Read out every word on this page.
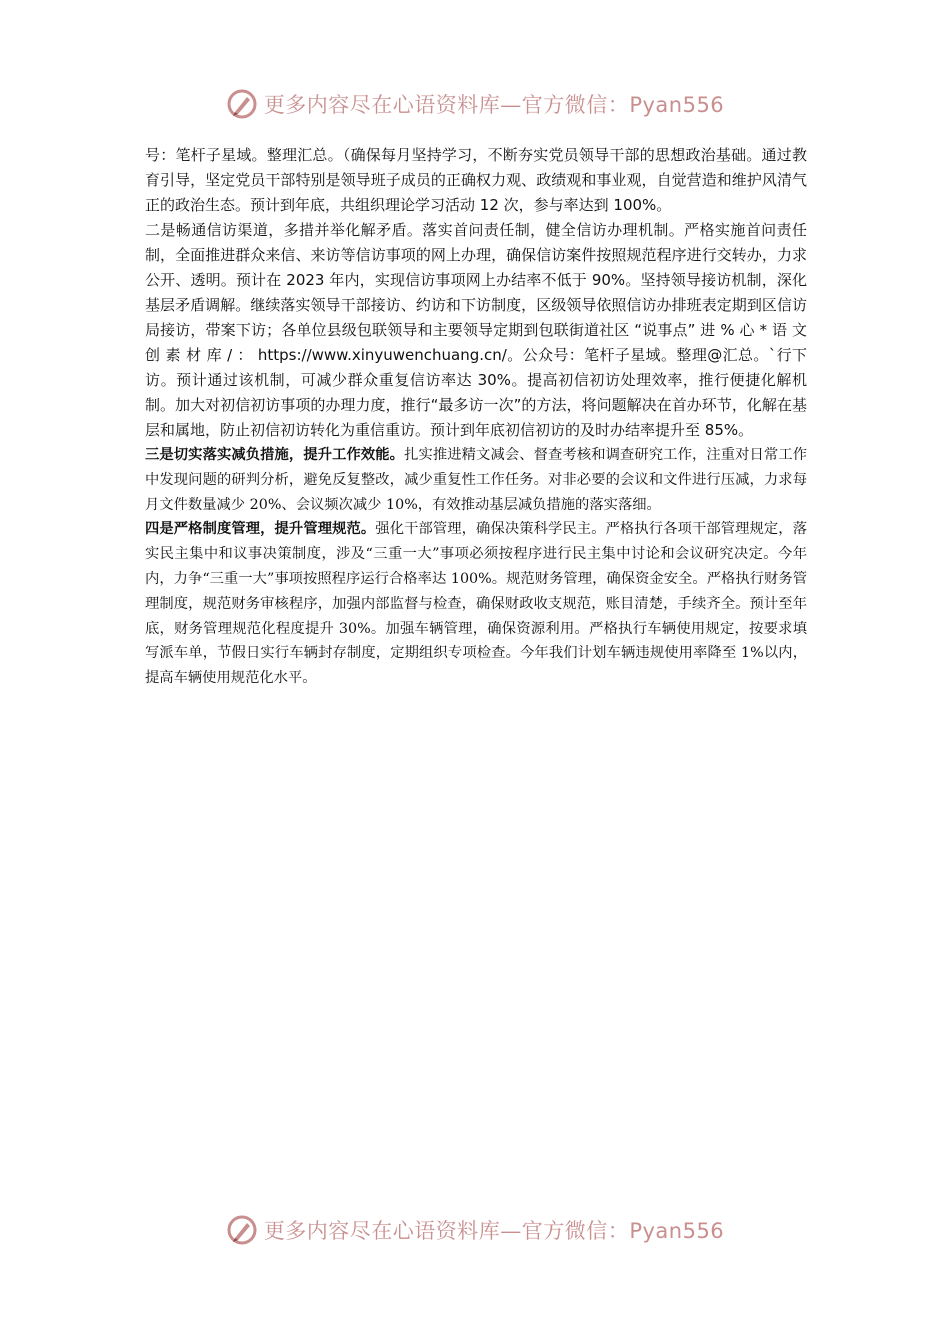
更多内容尽在心语资料库—官方微信：Pyan556

号：笔杆子星域。整理汇总。（确保每月坚持学习，不断夯实党员领导干部的思想政治基础。通过教育引导，坚定党员干部特别是领导班子成员的正确权力观、政绩观和事业观，自觉营造和维护风清气正的政治生态。预计到年底，共组织理论学习活动 12 次，参与率达到 100%。

二是畅通信访渠道，多措并举化解矛盾。落实首问责任制，健全信访办理机制。严格实施首问责任制，全面推进群众来信、来访等信访事项的网上办理，确保信访案件按照规范程序进行交转办，力求公开、透明。预计在 2023 年内，实现信访事项网上办结率不低于 90%。坚持领导接访机制，深化基层矛盾调解。继续落实领导干部接访、约访和下访制度，区级领导依照信访办排班表定期到区信访局接访，带案下访；各单位县级包联领导和主要领导定期到包联街道社区 “说事点” 进 % 心 * 语 文 创 素 材 库 / ： https://www.xinyuwenchuang.cn/。公众号：笔杆子星域。整理@汇总。`行下访。预计通过该机制，可减少群众重复信访率达 30%。提高初信初访处理效率，推行便捷化解机制。加大对初信初访事项的办理力度，推行“最多访一次”的方法，将问题解决在首办环节，化解在基层和属地，防止初信初访转化为重信重访。预计到年底初信初访的及时办结率提升至 85%。

三是切实落实减负措施，提升工作效能。扎实推进精文减会、督查考核和调查研究工作，注重对日常工作中发现问题的研判分析，避免反复整改，减少重复性工作任务。对非必要的会议和文件进行压减，力求每月文件数量减少 20%、会议频次减少 10%，有效推动基层减负措施的落实落细。

四是严格制度管理，提升管理规范。强化干部管理，确保决策科学民主。严格执行各项干部管理规定，落实民主集中和议事决策制度，涉及“三重一大”事项必须按程序进行民主集中讨论和会议研究决定。今年内，力争“三重一大”事项按照程序运行合格率达 100%。规范财务管理，确保资金安全。严格执行财务管理制度，规范财务审核程序，加强内部监督与检查，确保财政收支规范，账目清楚，手续齐全。预计至年底，财务管理规范化程度提升 30%。加强车辆管理，确保资源利用。严格执行车辆使用规定，按要求填写派车单，节假日实行车辆封存制度，定期组织专项检查。今年我们计划车辆违规使用率降至 1%以内，提高车辆使用规范化水平。

更多内容尽在心语资料库—官方微信：Pyan556
